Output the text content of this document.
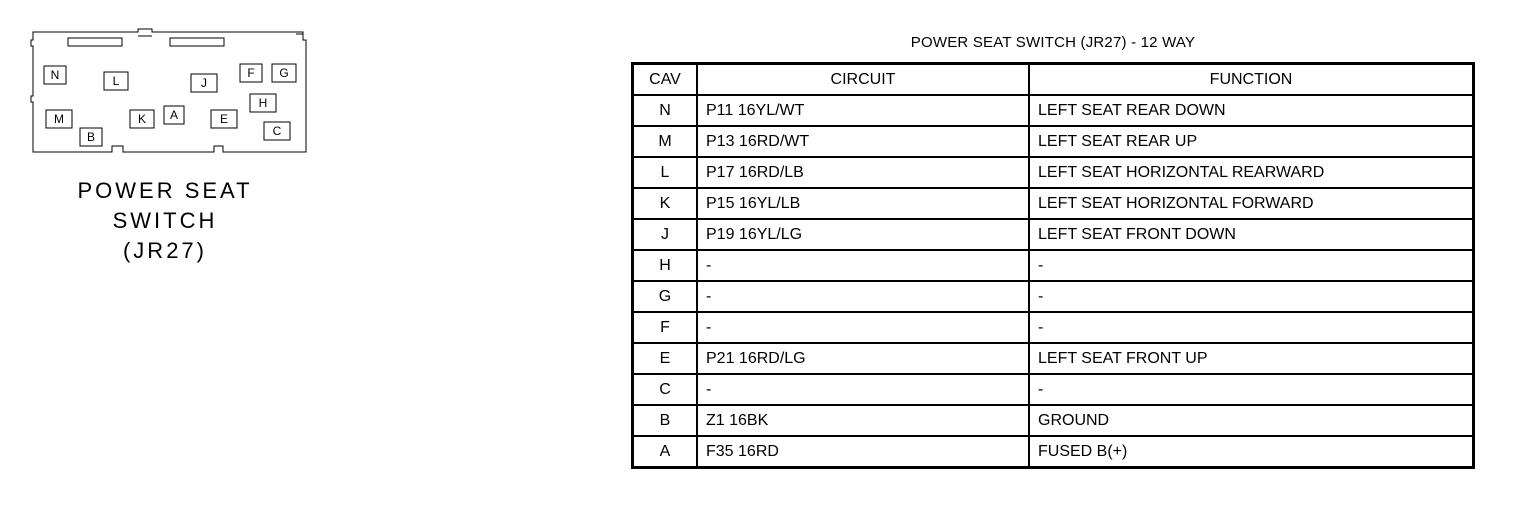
N	L	J
F G
M	K A	E
H
B	C
POWER SEAT
SWITCH
(JR27)
POWER SEAT SWITCH (JR27) - 12 WAY
CAV	CIRCUIT	FUNCTION
N	P11 16YL/WT	LEFT SEAT REAR DOWN
M	P13 16RD/WT	LEFT SEAT REAR UP
L	P17 16RD/LB	LEFT SEAT HORIZONTAL REARWARD
K	P15 16YL/LB	LEFT SEAT HORIZONTAL FORWARD
J	P19 16YL/LG	LEFT SEAT FRONT DOWN
H	-	-
G	-	-
F	-	-
E	P21 16RD/LG	LEFT SEAT FRONT UP
C	-	-
B	Z1 16BK	GROUND
A	F35 16RD	FUSED B(+)
